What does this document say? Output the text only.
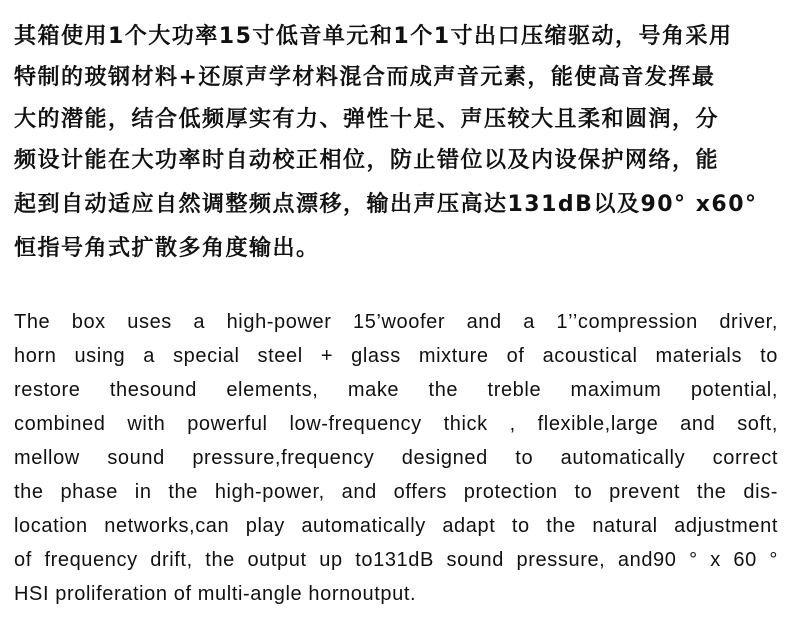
其箱使用1个大功率15寸低音单元和1个1寸出口压缩驱动，号角采用
特制的玻钢材料+还原声学材料混合而成声音元素，能使高音发挥最
大的潜能，结合低频厚实有力、弹性十足、声压较大且柔和圆润，分
频设计能在大功率时自动校正相位，防止错位以及内设保护网络，能
起到自动适应自然调整频点漂移，输出声压高达131dB以及90° x60°
恒指号角式扩散多角度输出。
The box uses a high-power 15’woofer and a 1’’compression driver,
horn using a special steel + glass mixture of acoustical materials to
restore thesound elements, make the treble maximum potential,
combined with powerful low-frequency thick , flexible,large and soft,
mellow sound pressure,frequency designed to automatically correct
the phase in the high-power, and offers protection to prevent the dis-
location networks,can play automatically adapt to the natural adjustment
of frequency drift, the output up to131dB sound pressure, and90 ° x 60 °
HSI proliferation of multi-angle hornoutput.
